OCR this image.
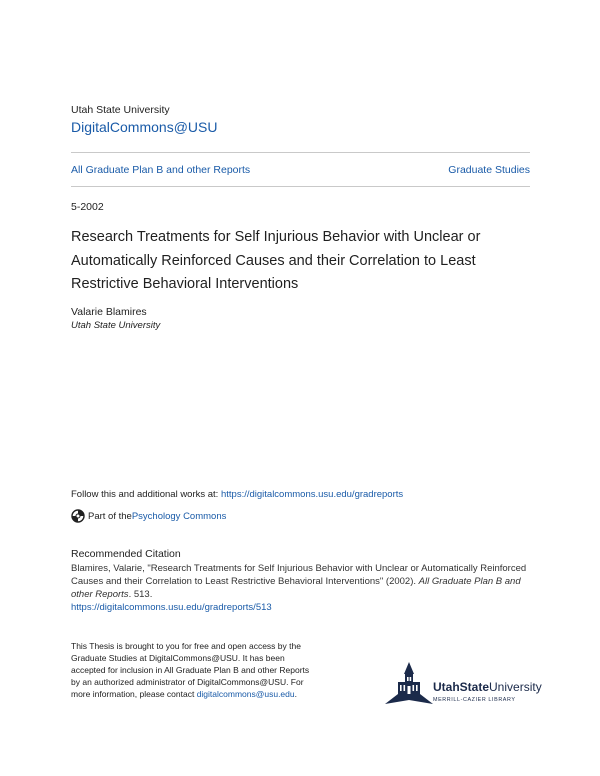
Utah State University
DigitalCommons@USU
All Graduate Plan B and other Reports	Graduate Studies
5-2002
Research Treatments for Self Injurious Behavior with Unclear or Automatically Reinforced Causes and their Correlation to Least Restrictive Behavioral Interventions
Valarie Blamires
Utah State University
Follow this and additional works at: https://digitalcommons.usu.edu/gradreports
Part of the Psychology Commons
Recommended Citation
Blamires, Valarie, "Research Treatments for Self Injurious Behavior with Unclear or Automatically Reinforced Causes and their Correlation to Least Restrictive Behavioral Interventions" (2002). All Graduate Plan B and other Reports. 513.
https://digitalcommons.usu.edu/gradreports/513
This Thesis is brought to you for free and open access by the Graduate Studies at DigitalCommons@USU. It has been accepted for inclusion in All Graduate Plan B and other Reports by an authorized administrator of DigitalCommons@USU. For more information, please contact digitalcommons@usu.edu.	UtahStateUniversity
MERRILL-CAZIER LIBRARY
